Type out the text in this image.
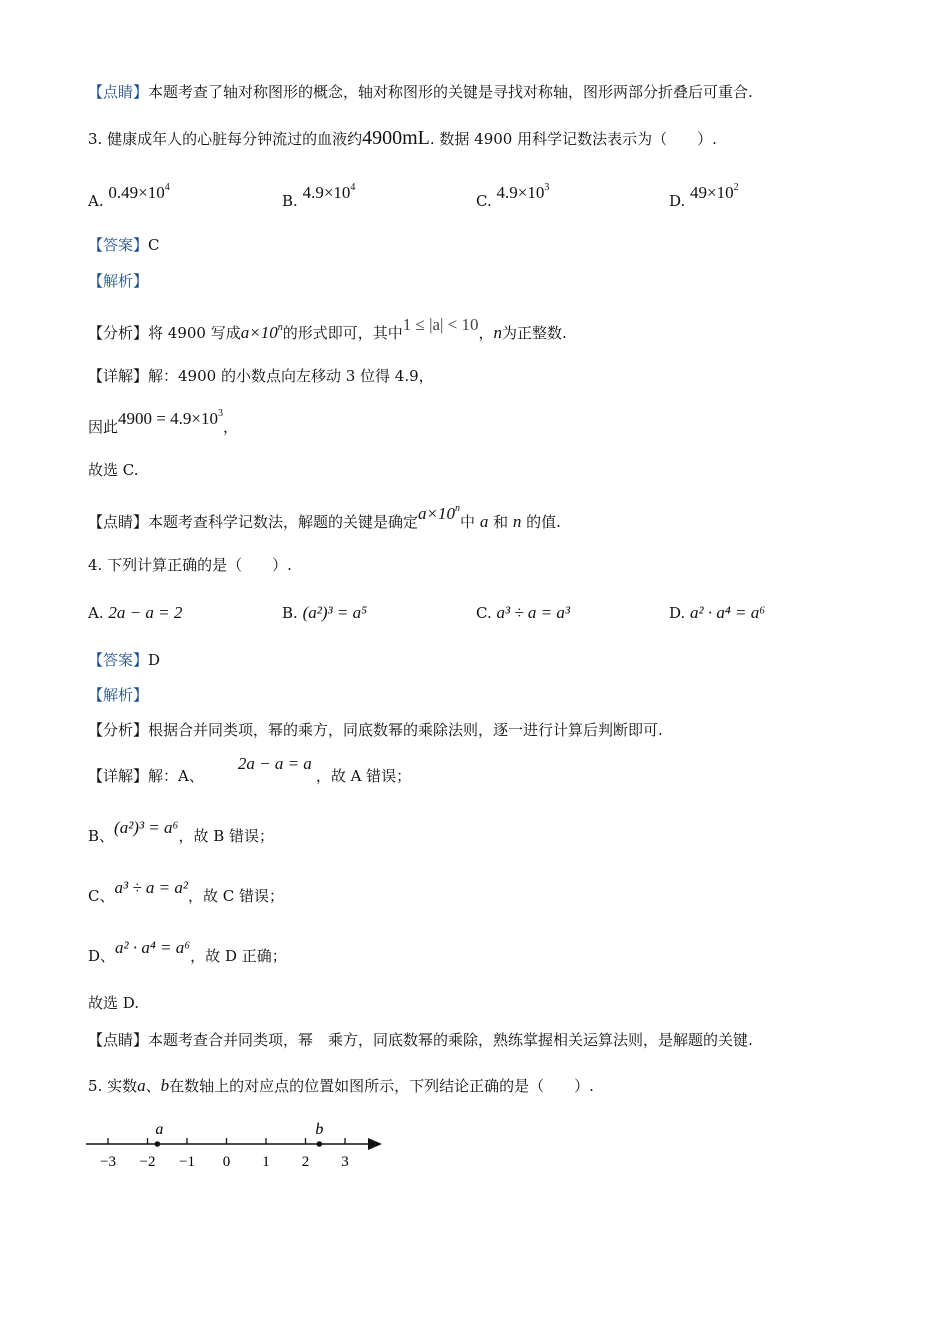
【点睛】本题考查了轴对称图形的概念，轴对称图形的关键是寻找对称轴，图形两部分折叠后可重合.
3. 健康成年人的心脏每分钟流过的血液约4900mL. 数据 4900 用科学记数法表示为（　　）.
A. $0.49\times 10^4$
B. $4.9\times 10^4$
C. $4.9\times 10^3$
D. $49\times 10^2$
【答案】C
【解析】
【分析】将 4900 写成$a\times 10^n$的形式即可，其中1 ≤ |a| < 10，n为正整数.
【详解】解：4900 的小数点向左移动 3 位得 4.9，
因此$4900 = 4.9\times 10^3$，
故选 C.
【点睛】本题考查科学记数法，解题的关键是确定$a\times 10^n$中 a 和 n 的值.
4. 下列计算正确的是（　　）.
A. 2a − a = 2	B. (a²)³ = a⁵	C. a³ ÷ a = a³	D. a² · a⁴ = a⁶
【答案】D
【解析】
【分析】根据合并同类项，幂的乘方，同底数幂的乘除法则，逐一进行计算后判断即可.
【详解】解：A、2a − a = a，故 A 错误；
B、(a²)³ = a⁶，故 B 错误；
C、a³ ÷ a = a²，故 C 错误；
D、a² · a⁴ = a⁶，故 D 正确；
故选 D.
【点睛】本题考查合并同类项，幂　乘方，同底数幂的乘除，熟练掌握相关运算法则，是解题的关键.
5. 实数a、b在数轴上的对应点的位置如图所示，下列结论正确的是（　　）.
−3 −2 −1 0 1 2 3
a	b
